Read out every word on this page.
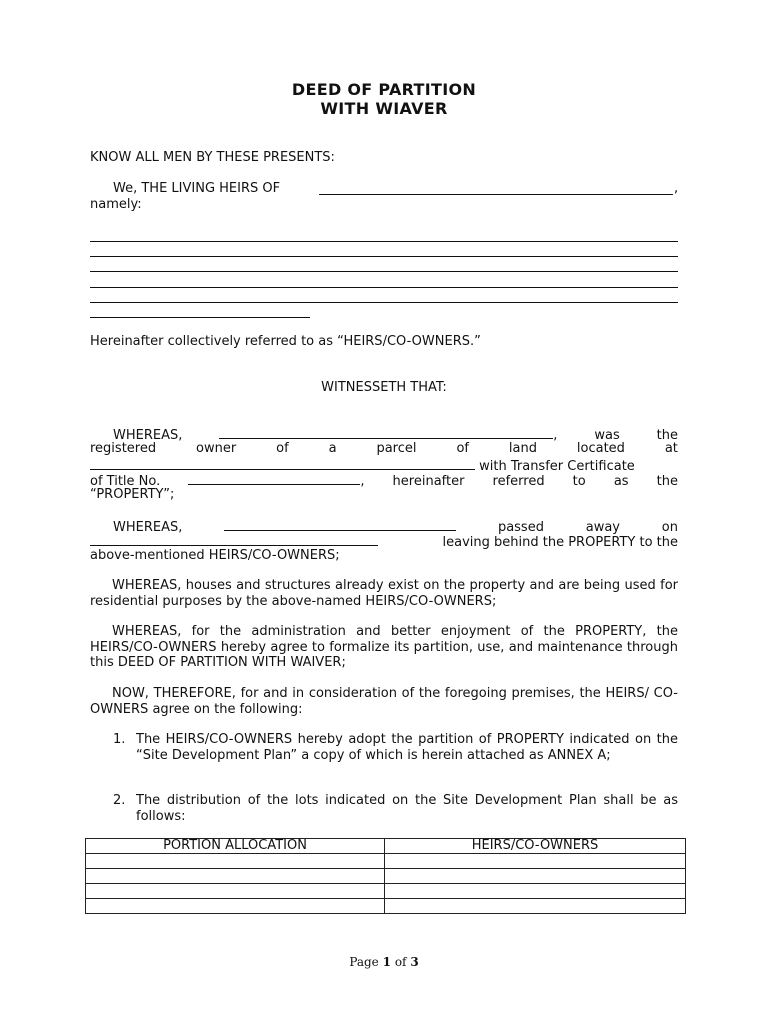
DEED OF PARTITION
WITH WIAVER
KNOW ALL MEN BY THESE PRESENTS:
We, THE LIVING HEIRS OF	,
namely:
Hereinafter collectively referred to as “HEIRS/CO-OWNERS.”
WITNESSETH THAT:
WHEREAS,	,	was	the
registered	owner	of	a	parcel	of	land	located	at
with Transfer Certificate
of Title No.	, hereinafter referred to as the
“PROPERTY”;
WHEREAS,	passed	away	on
leaving behind the PROPERTY to the
above-mentioned HEIRS/CO-OWNERS;
WHEREAS, houses and structures already exist on the property and are being used for residential purposes by the above-named HEIRS/CO-OWNERS;
WHEREAS, for the administration and better enjoyment of the PROPERTY, the HEIRS/CO-OWNERS hereby agree to formalize its partition, use, and maintenance through this DEED OF PARTITION WITH WAIVER;
NOW, THEREFORE, for and in consideration of the foregoing premises, the HEIRS/ CO-OWNERS agree on the following:
1. The HEIRS/CO-OWNERS hereby adopt the partition of PROPERTY indicated on the “Site Development Plan” a copy of which is herein attached as ANNEX A;
2. The distribution of the lots indicated on the Site Development Plan shall be as follows:
PORTION ALLOCATION	HEIRS/CO-OWNERS

Page 1 of 3
